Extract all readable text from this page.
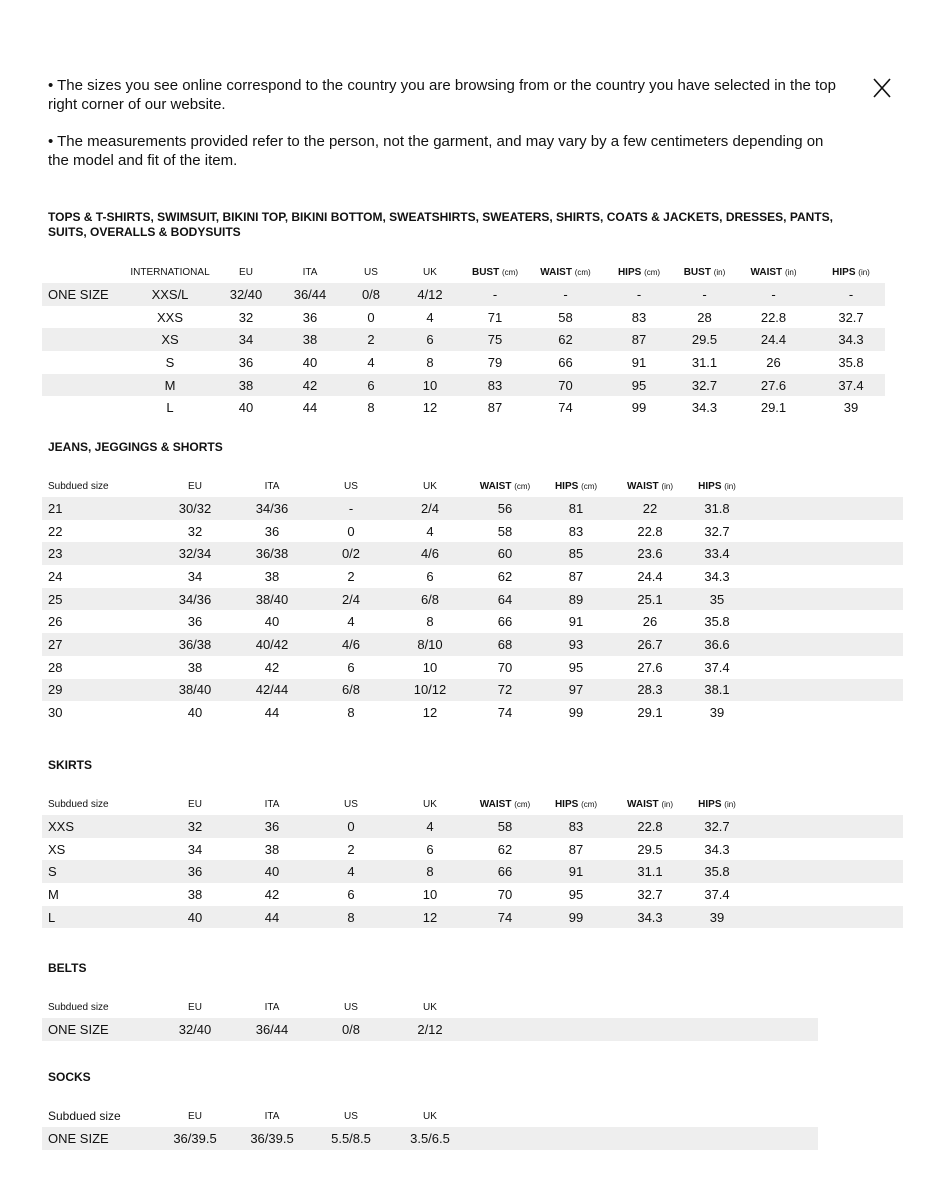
• The sizes you see online correspond to the country you are browsing from or the country you have selected in the top right corner of our website.

• The measurements provided refer to the person, not the garment, and may vary by a few centimeters depending on the model and fit of the item.

TOPS & T-SHIRTS, SWIMSUIT, BIKINI TOP, BIKINI BOTTOM, SWEATSHIRTS, SWEATERS, SHIRTS, COATS & JACKETS, DRESSES, PANTS, SUITS, OVERALLS & BODYSUITS
	INTERNATIONAL	EU	ITA	US	UK	BUST (cm)	WAIST (cm)	HIPS (cm)	BUST (in)	WAIST (in)	HIPS (in)
ONE SIZE	XXS/L	32/40	36/44	0/8	4/12	-	-	-	-	-	-
	XXS	32	36	0	4	71	58	83	28	22.8	32.7
	XS	34	38	2	6	75	62	87	29.5	24.4	34.3
	S	36	40	4	8	79	66	91	31.1	26	35.8
	M	38	42	6	10	83	70	95	32.7	27.6	37.4
	L	40	44	8	12	87	74	99	34.3	29.1	39
JEANS, JEGGINGS & SHORTS
Subdued size	EU	ITA	US	UK	WAIST (cm)	HIPS (cm)	WAIST (in)	HIPS (in)	
21	30/32	34/36	-	2/4	56	81	22	31.8	
22	32	36	0	4	58	83	22.8	32.7	
23	32/34	36/38	0/2	4/6	60	85	23.6	33.4	
24	34	38	2	6	62	87	24.4	34.3	
25	34/36	38/40	2/4	6/8	64	89	25.1	35	
26	36	40	4	8	66	91	26	35.8	
27	36/38	40/42	4/6	8/10	68	93	26.7	36.6	
28	38	42	6	10	70	95	27.6	37.4	
29	38/40	42/44	6/8	10/12	72	97	28.3	38.1	
30	40	44	8	12	74	99	29.1	39	
SKIRTS
Subdued size	EU	ITA	US	UK	WAIST (cm)	HIPS (cm)	WAIST (in)	HIPS (in)	
XXS	32	36	0	4	58	83	22.8	32.7	
XS	34	38	2	6	62	87	29.5	34.3	
S	36	40	4	8	66	91	31.1	35.8	
M	38	42	6	10	70	95	32.7	37.4	
L	40	44	8	12	74	99	34.3	39	
BELTS
Subdued size	EU	ITA	US	UK	
ONE SIZE	32/40	36/44	0/8	2/12	
SOCKS
Subdued size	EU	ITA	US	UK	
ONE SIZE	36/39.5	36/39.5	5.5/8.5	3.5/6.5	
